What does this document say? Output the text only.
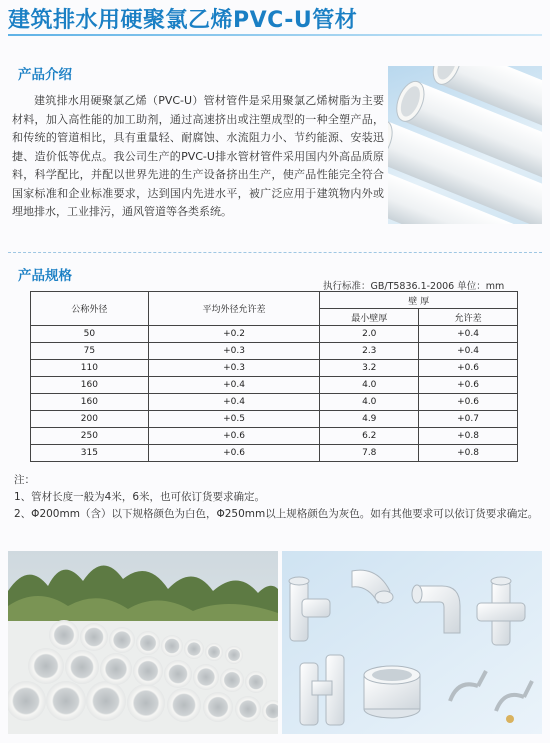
建筑排水用硬聚氯乙烯PVC-U管材
产品介绍
建筑排水用硬聚氯乙烯（PVC-U）管材管件是采用聚氯乙烯树脂为主要材料，加入高性能的加工助剂，通过高速挤出或注塑成型的一种全塑产品，和传统的管道相比，具有重量轻、耐腐蚀、水流阻力小、节约能源、安装迅捷、造价低等优点。我公司生产的PVC-U排水管材管件采用国内外高品质原料，科学配比，并配以世界先进的生产设备挤出生产，使产品性能完全符合国家标准和企业标准要求，达到国内先进水平，被广泛应用于建筑物内外或埋地排水，工业排污，通风管道等各类系统。
产品规格
执行标准：GB/T5836.1-2006 单位：mm
公称外径	平均外径允许差	壁 厚	
		最小壁厚	允许差
50	+0.2	2.0	+0.4
75	+0.3	2.3	+0.4
110	+0.3	3.2	+0.6
160	+0.4	4.0	+0.6
160	+0.4	4.0	+0.6
200	+0.5	4.9	+0.7
250	+0.6	6.2	+0.8
315	+0.6	7.8	+0.8

注：

1、管材长度一般为4米，6米，也可依订货要求确定。

2、Φ200mm（含）以下规格颜色为白色，Φ250mm以上规格颜色为灰色。如有其他要求可以依订货要求确定。
